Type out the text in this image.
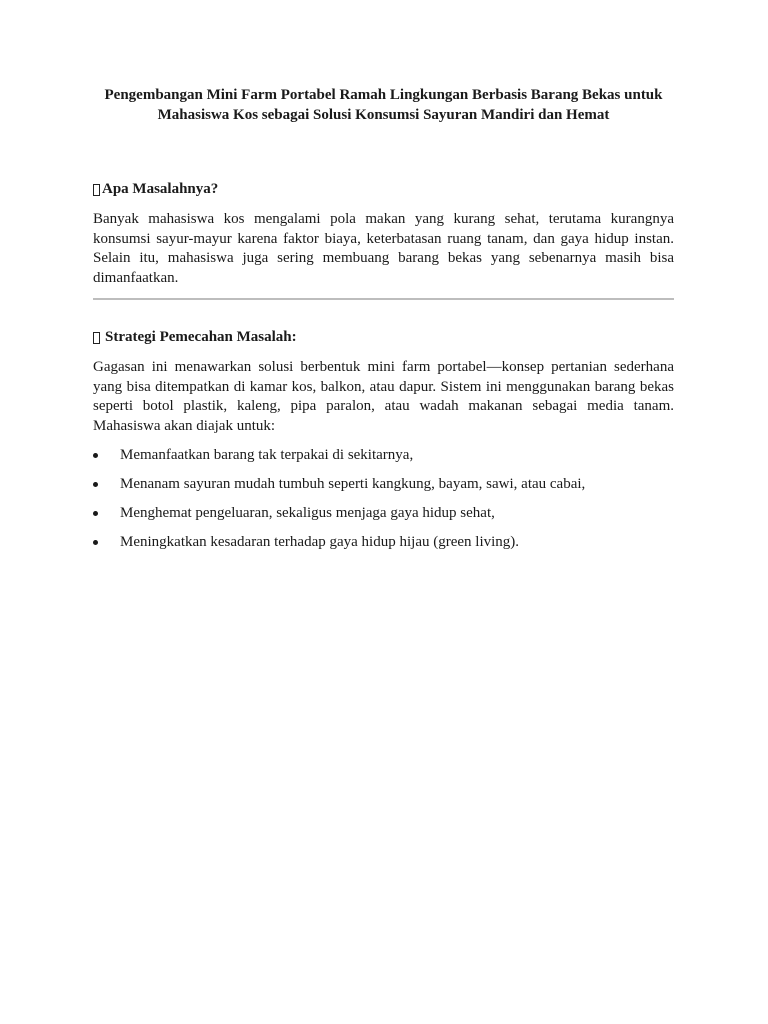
Pengembangan Mini Farm Portabel Ramah Lingkungan Berbasis Barang Bekas untuk Mahasiswa Kos sebagai Solusi Konsumsi Sayuran Mandiri dan Hemat
Apa Masalahnya?

Banyak mahasiswa kos mengalami pola makan yang kurang sehat, terutama kurangnya konsumsi sayur-mayur karena faktor biaya, keterbatasan ruang tanam, dan gaya hidup instan. Selain itu, mahasiswa juga sering membuang barang bekas yang sebenarnya masih bisa dimanfaatkan.

Strategi Pemecahan Masalah:

Gagasan ini menawarkan solusi berbentuk mini farm portabel—konsep pertanian sederhana yang bisa ditempatkan di kamar kos, balkon, atau dapur. Sistem ini menggunakan barang bekas seperti botol plastik, kaleng, pipa paralon, atau wadah makanan sebagai media tanam. Mahasiswa akan diajak untuk:

Memanfaatkan barang tak terpakai di sekitarnya,
Menanam sayuran mudah tumbuh seperti kangkung, bayam, sawi, atau cabai,
Menghemat pengeluaran, sekaligus menjaga gaya hidup sehat,
Meningkatkan kesadaran terhadap gaya hidup hijau (green living).
